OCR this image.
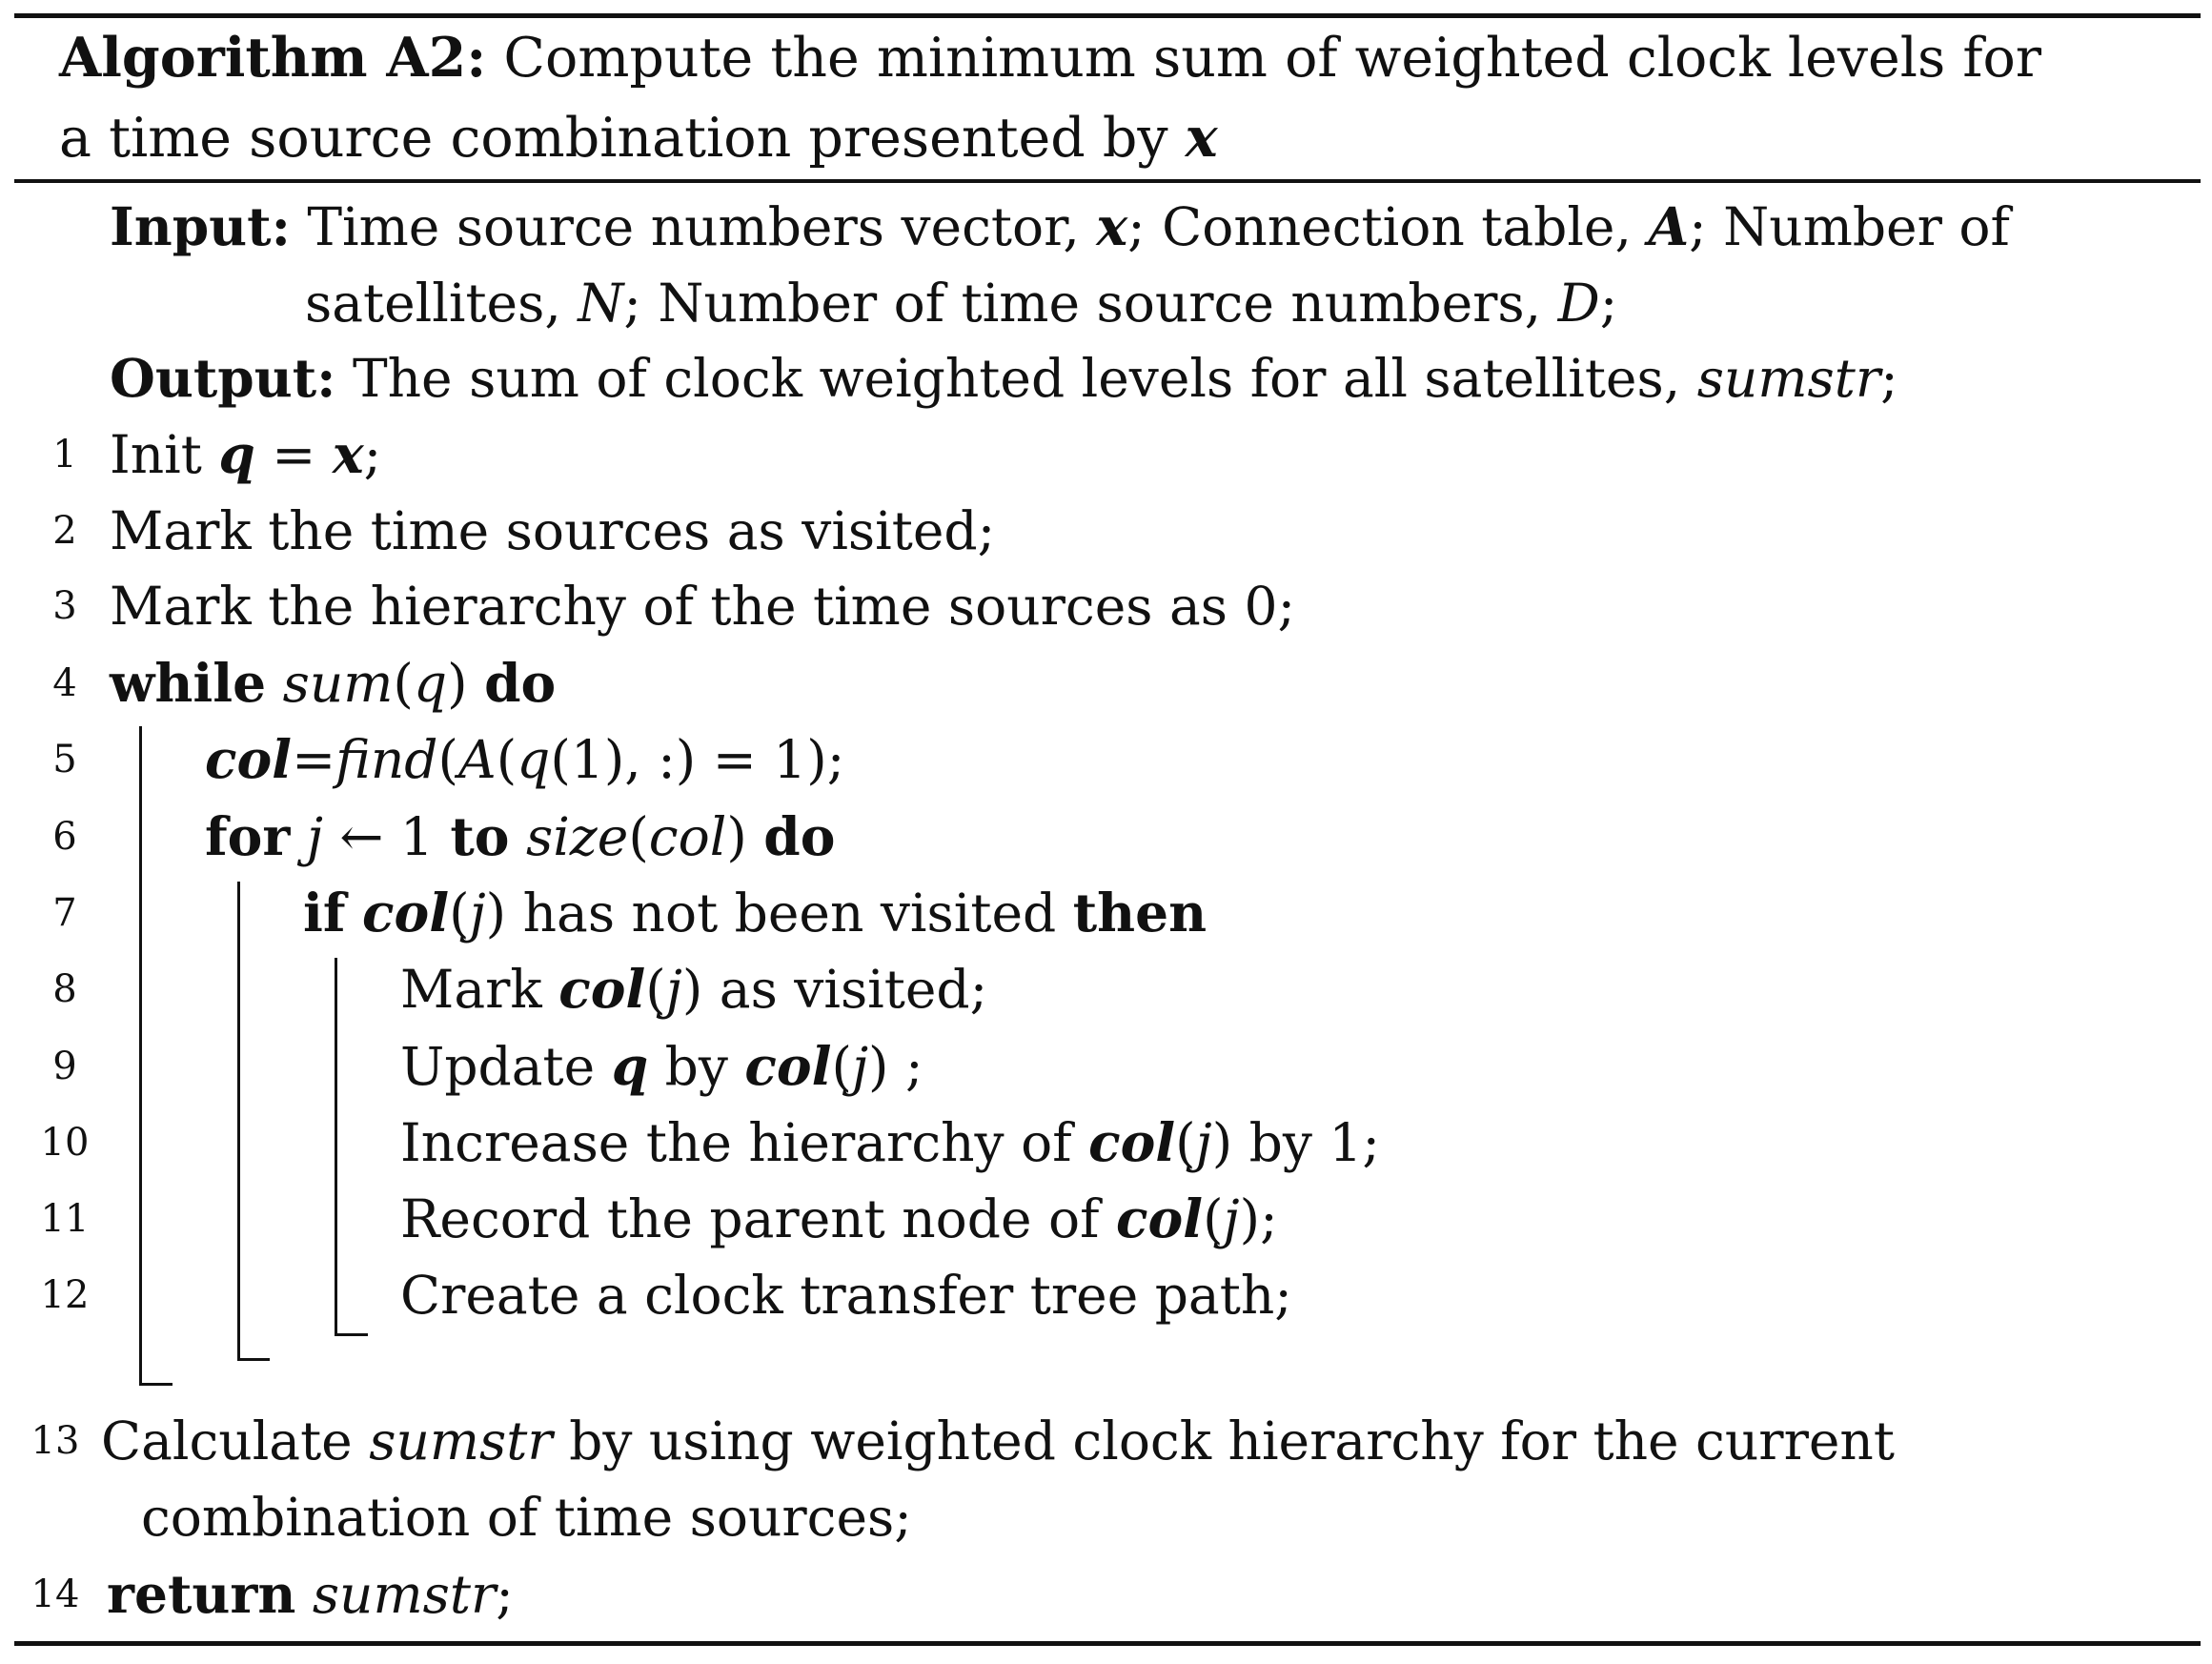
Algorithm A2: Compute the minimum sum of weighted clock levels for
a time source combination presented by x
Input: Time source numbers vector, x; Connection table, A; Number of
satellites, N; Number of time source numbers, D;
Output: The sum of clock weighted levels for all satellites, sumstr;
1 Init q = x;
2 Mark the time sources as visited;
3 Mark the hierarchy of the time sources as 0;
4 while sum(q) do
5	col=find(A(q(1), :) = 1);
6	for j ← 1 to size(col) do
7	if col(j) has not been visited then
8	Mark col(j) as visited;
9	Update q by col(j) ;
10	Increase the hierarchy of col(j) by 1;
11	Record the parent node of col(j);
12	Create a clock transfer tree path;
13 Calculate sumstr by using weighted clock hierarchy for the current
combination of time sources;
14 return sumstr;
